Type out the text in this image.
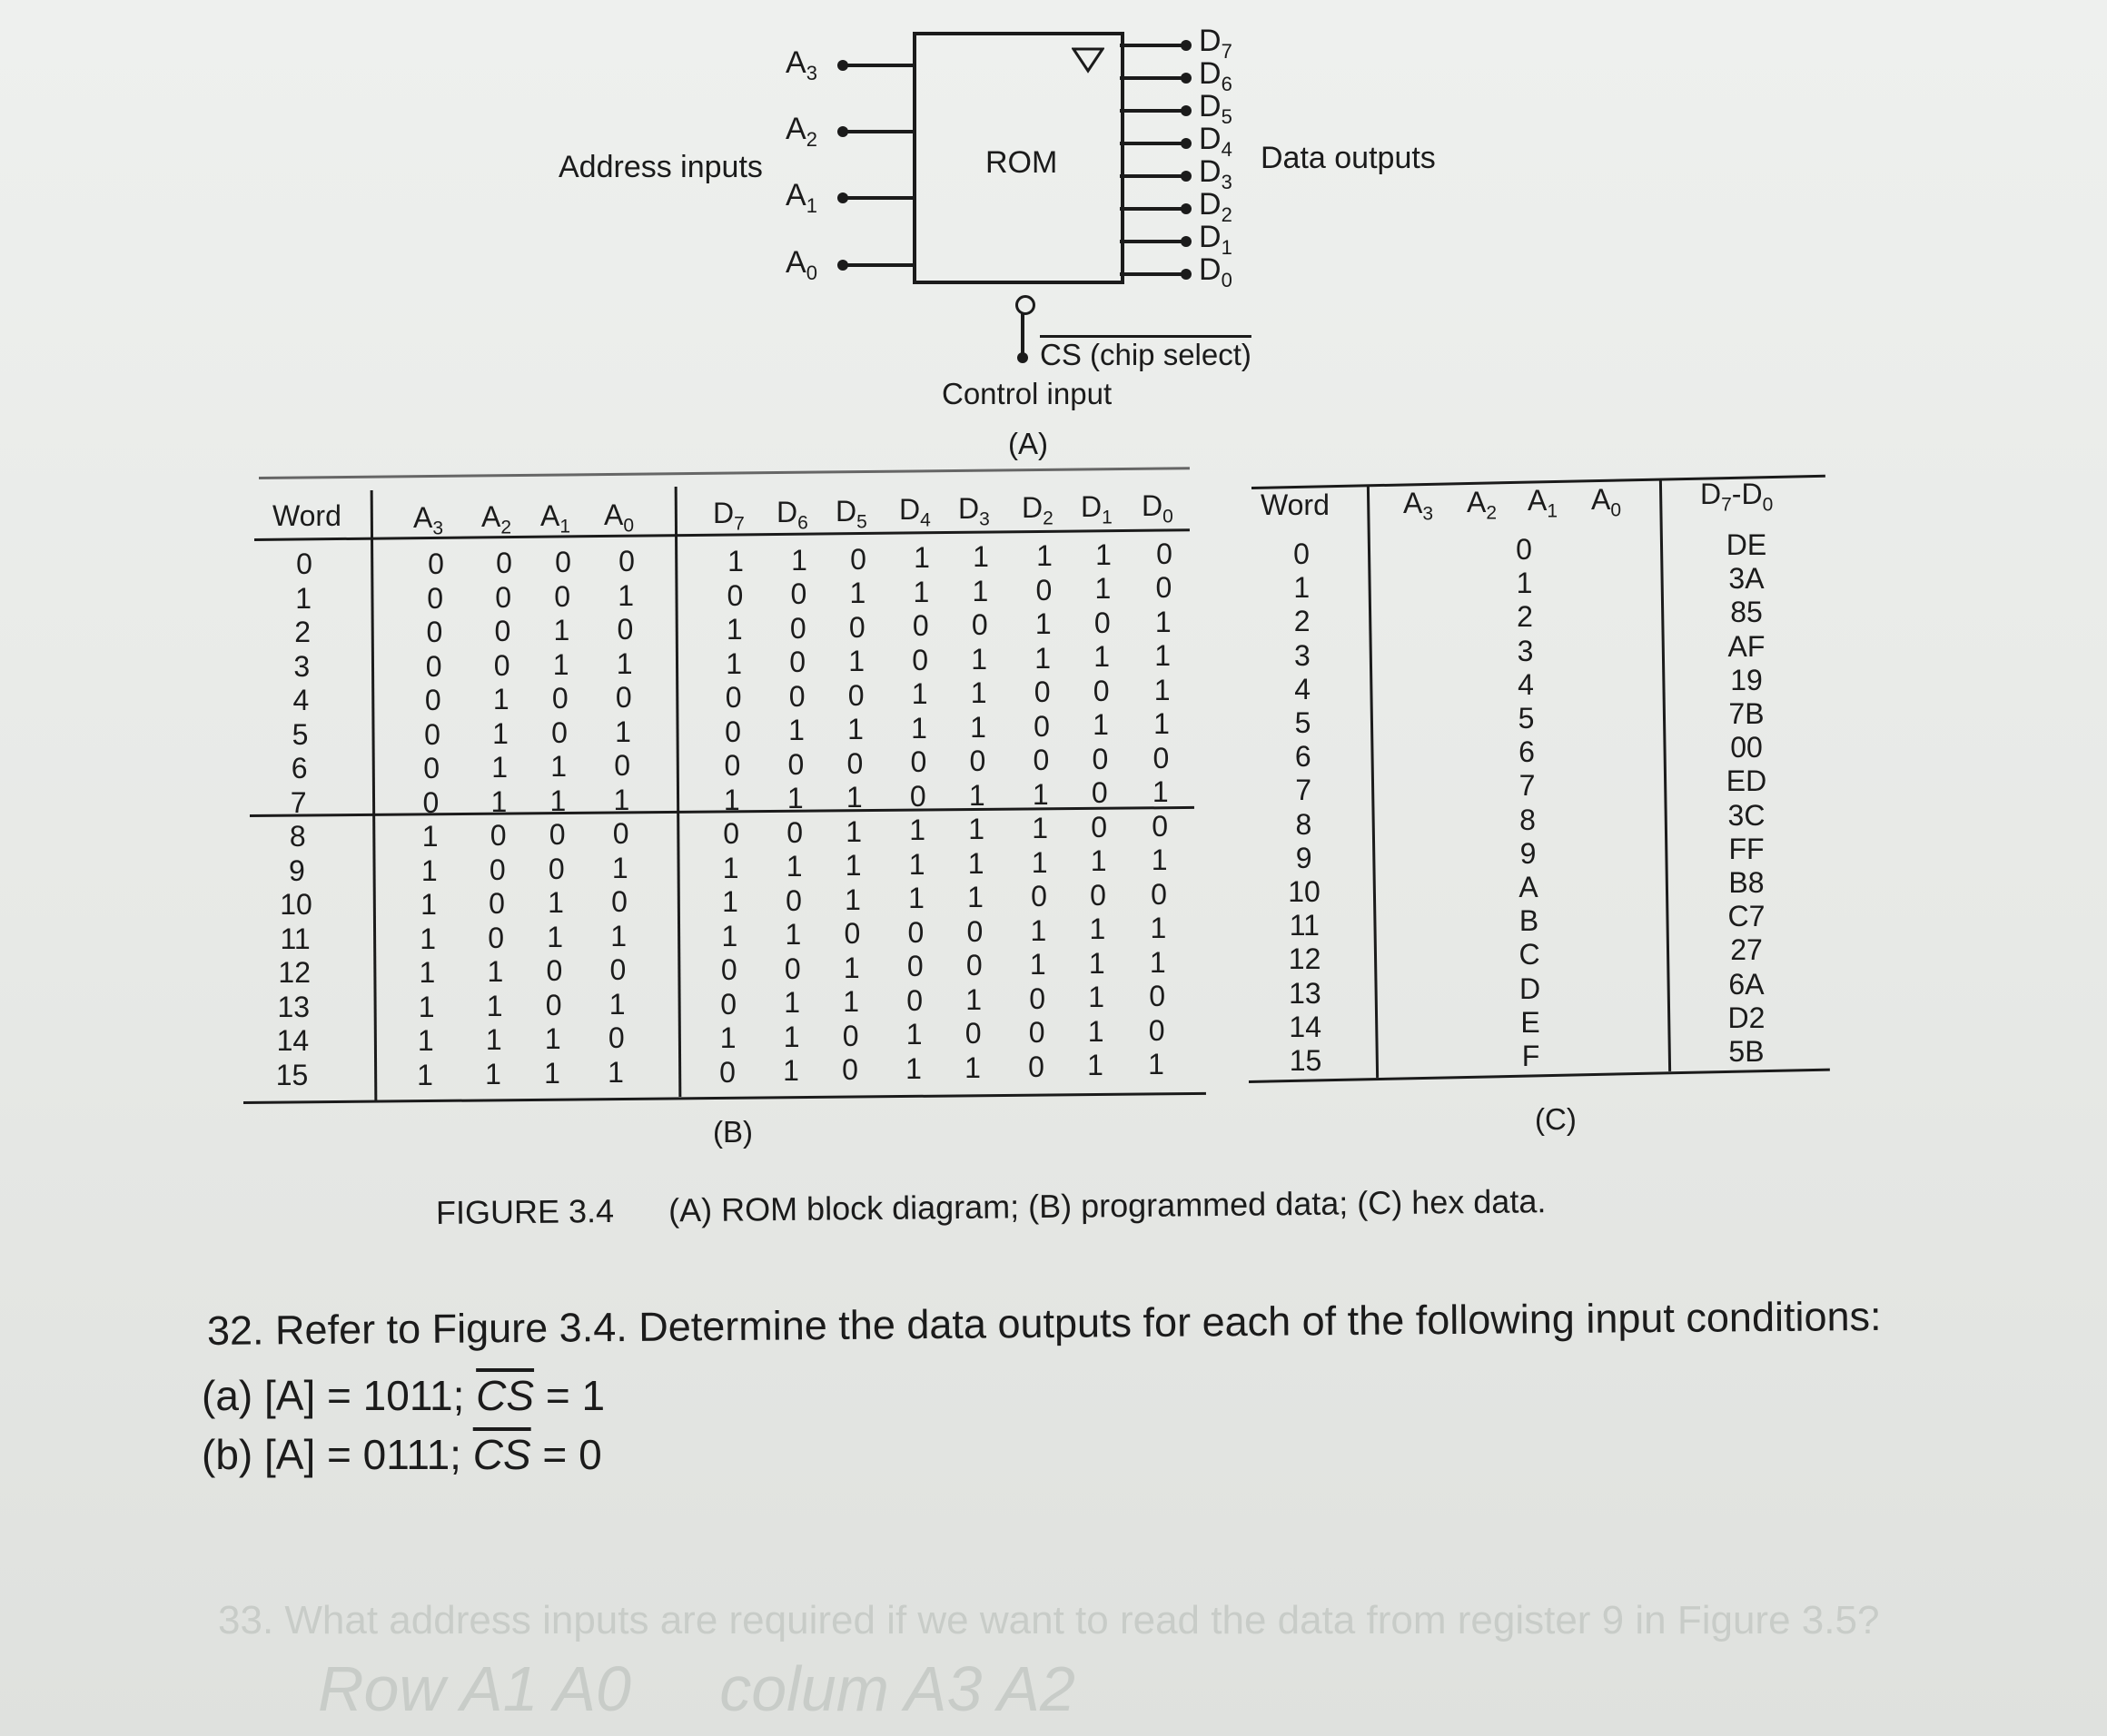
33. What address inputs are required if we want to read the data from register 9 in Figure 3.5?
Row A1 A0     colum A3 A2
ROM
Address inputs	Data outputs
$A_3$
$A_2$
$A_1$
$A_0$
$D_7$
$D_6$
$D_5$
$D_4$
$D_3$
$D_2$
$D_1$
$D_0$
CS (chip select)
Control input
(A)
Word $A_3$ $A_2$ $A_1$ $A_0$	$D_7$ $D_6$ $D_5$ $D_4$ $D_3$ $D_2$ $D_1$ $D_0$
0	0	0	0	0	1	1	0	1	1	1	1	0
1	0	0	0	1	0	0	1	1	1	0	1	0
2	0	0	1	0	1	0	0	0	0	1	0	1
3	0	0	1	1	1	0	1	0	1	1	1	1
4	0	1	0	0	0	0	0	1	1	0	0	1
5	0	1	0	1	0	1	1	1	1	0	1	1
6	0	1	1	0	0	0	0	0	0	0	0	0
7	0	1	1	1	1	1	1	0	1	1	0	1
8	1	0	0	0	0	0	1	1	1	1	0	0
9	1	0	0	1	1	1	1	1	1	1	1	1
10	1	0	1	0	1	0	1	1	1	0	0	0
11	1	0	1	1	1	1	0	0	0	1	1	1
12	1	1	0	0	0	0	1	0	0	1	1	1
13	1	1	0	1	0	1	1	0	1	0	1	0
14	1	1	1	0	1	1	0	1	0	0	1	0
15	1	1	1	1	0	1	0	1	1	0	1	1
(B)
Word	$A_3$ $A_2$ $A_1$ $A_0$	$D_7-D_0$
0	0	DE
1	1	3A
2	2	85
3	3	AF
4	4	19
5	5	7B
6	6	00
7	7	ED
8	8	3C
9	9	FF
10	A	B8
11	B	C7
12	C	27
13	D	6A
14	E	D2
15	F	5B
(C)
FIGURE 3.4 (A) ROM block diagram; (B) programmed data; (C) hex data.
32. Refer to Figure 3.4. Determine the data outputs for each of the following input conditions:
(a) [A] = 1011; $\overline{CS} = 1$
(b) [A] = 0111; $\overline{CS} = 0$
